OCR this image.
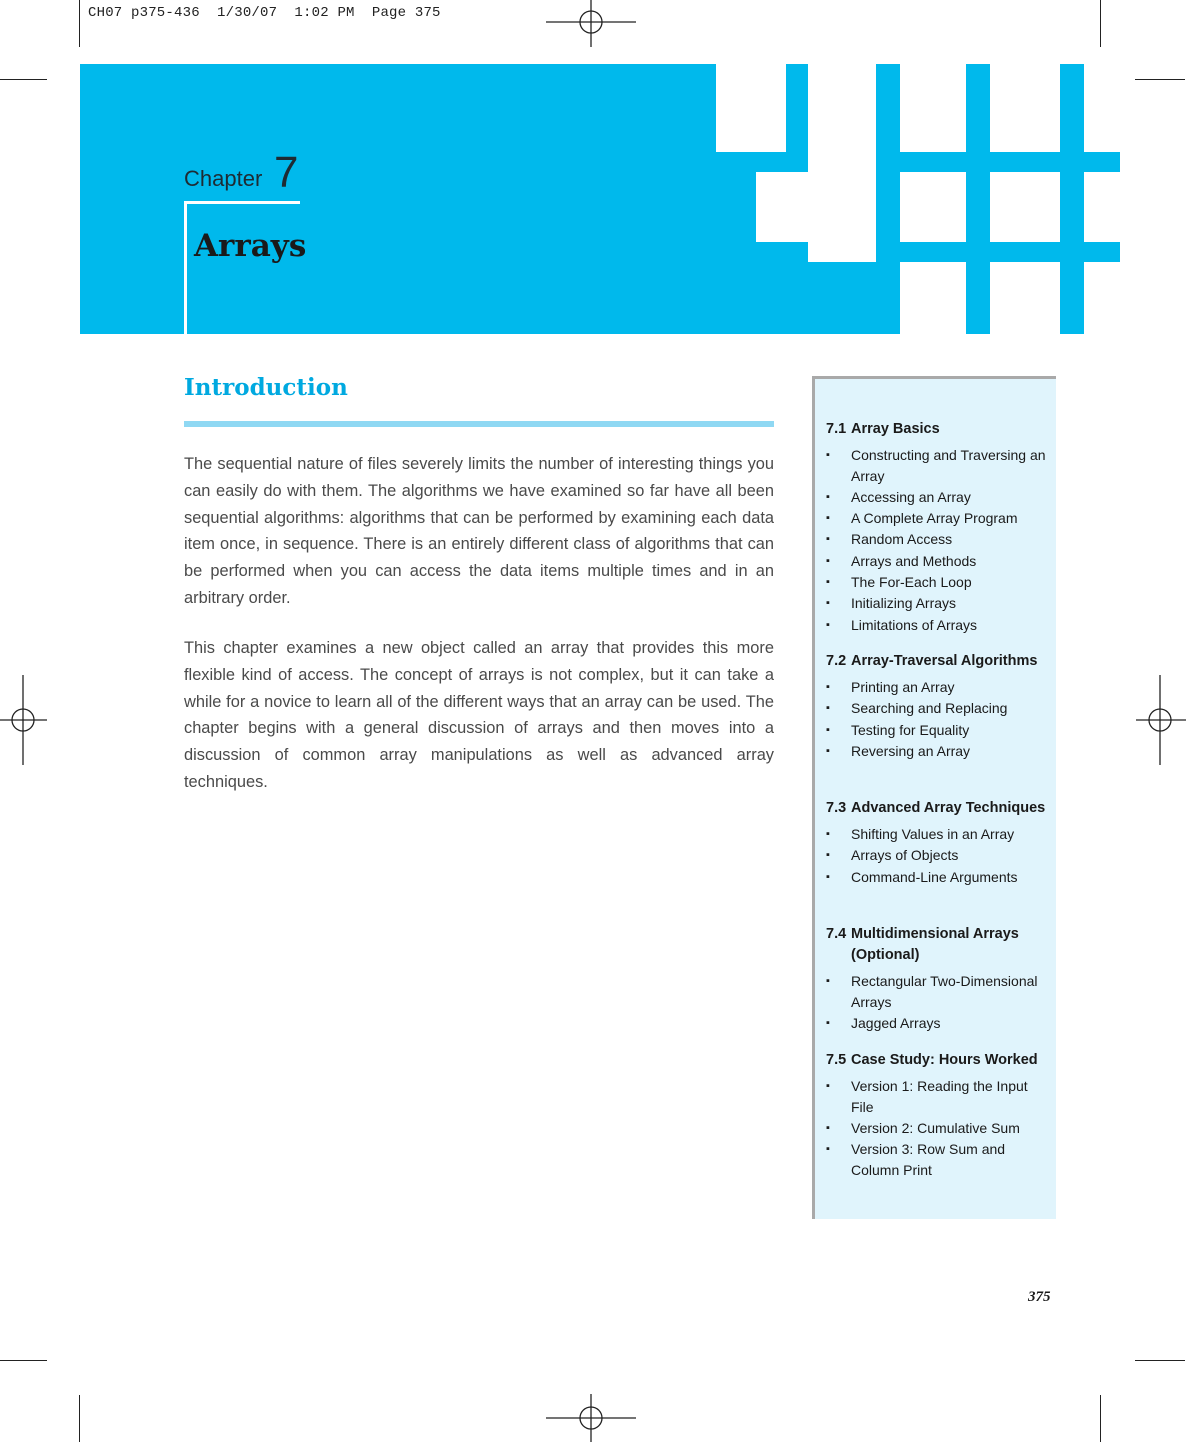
CH07 p375-436  1/30/07  1:02 PM  Page 375
Chapter 7
Arrays
Introduction

The sequential nature of files severely limits the number of interesting things you can easily do with them. The algorithms we have examined so far have all been sequential algorithms: algorithms that can be performed by examining each data item once, in sequence. There is an entirely different class of algorithms that can be performed when you can access the data items multiple times and in an arbitrary order.

This chapter examines a new object called an array that provides this more flexible kind of access. The concept of arrays is not complex, but it can take a while for a novice to learn all of the different ways that an array can be used. The chapter begins with a general discussion of arrays and then moves into a discussion of common array manipulations as well as advanced array techniques.

7.1 Array Basics
▪ Constructing and Traversing an Array
▪ Accessing an Array
▪ A Complete Array Program
▪ Random Access
▪ Arrays and Methods
▪ The For-Each Loop
▪ Initializing Arrays
▪ Limitations of Arrays
7.2 Array-Traversal Algorithms
▪ Printing an Array
▪ Searching and Replacing
▪ Testing for Equality
▪ Reversing an Array
7.3 Advanced Array Techniques
▪ Shifting Values in an Array
▪ Arrays of Objects
▪ Command-Line Arguments
7.4 Multidimensional Arrays (Optional)
▪ Rectangular Two-Dimensional Arrays
▪ Jagged Arrays
7.5 Case Study: Hours Worked
▪ Version 1: Reading the Input File
▪ Version 2: Cumulative Sum
▪ Version 3: Row Sum and Column Print
375
